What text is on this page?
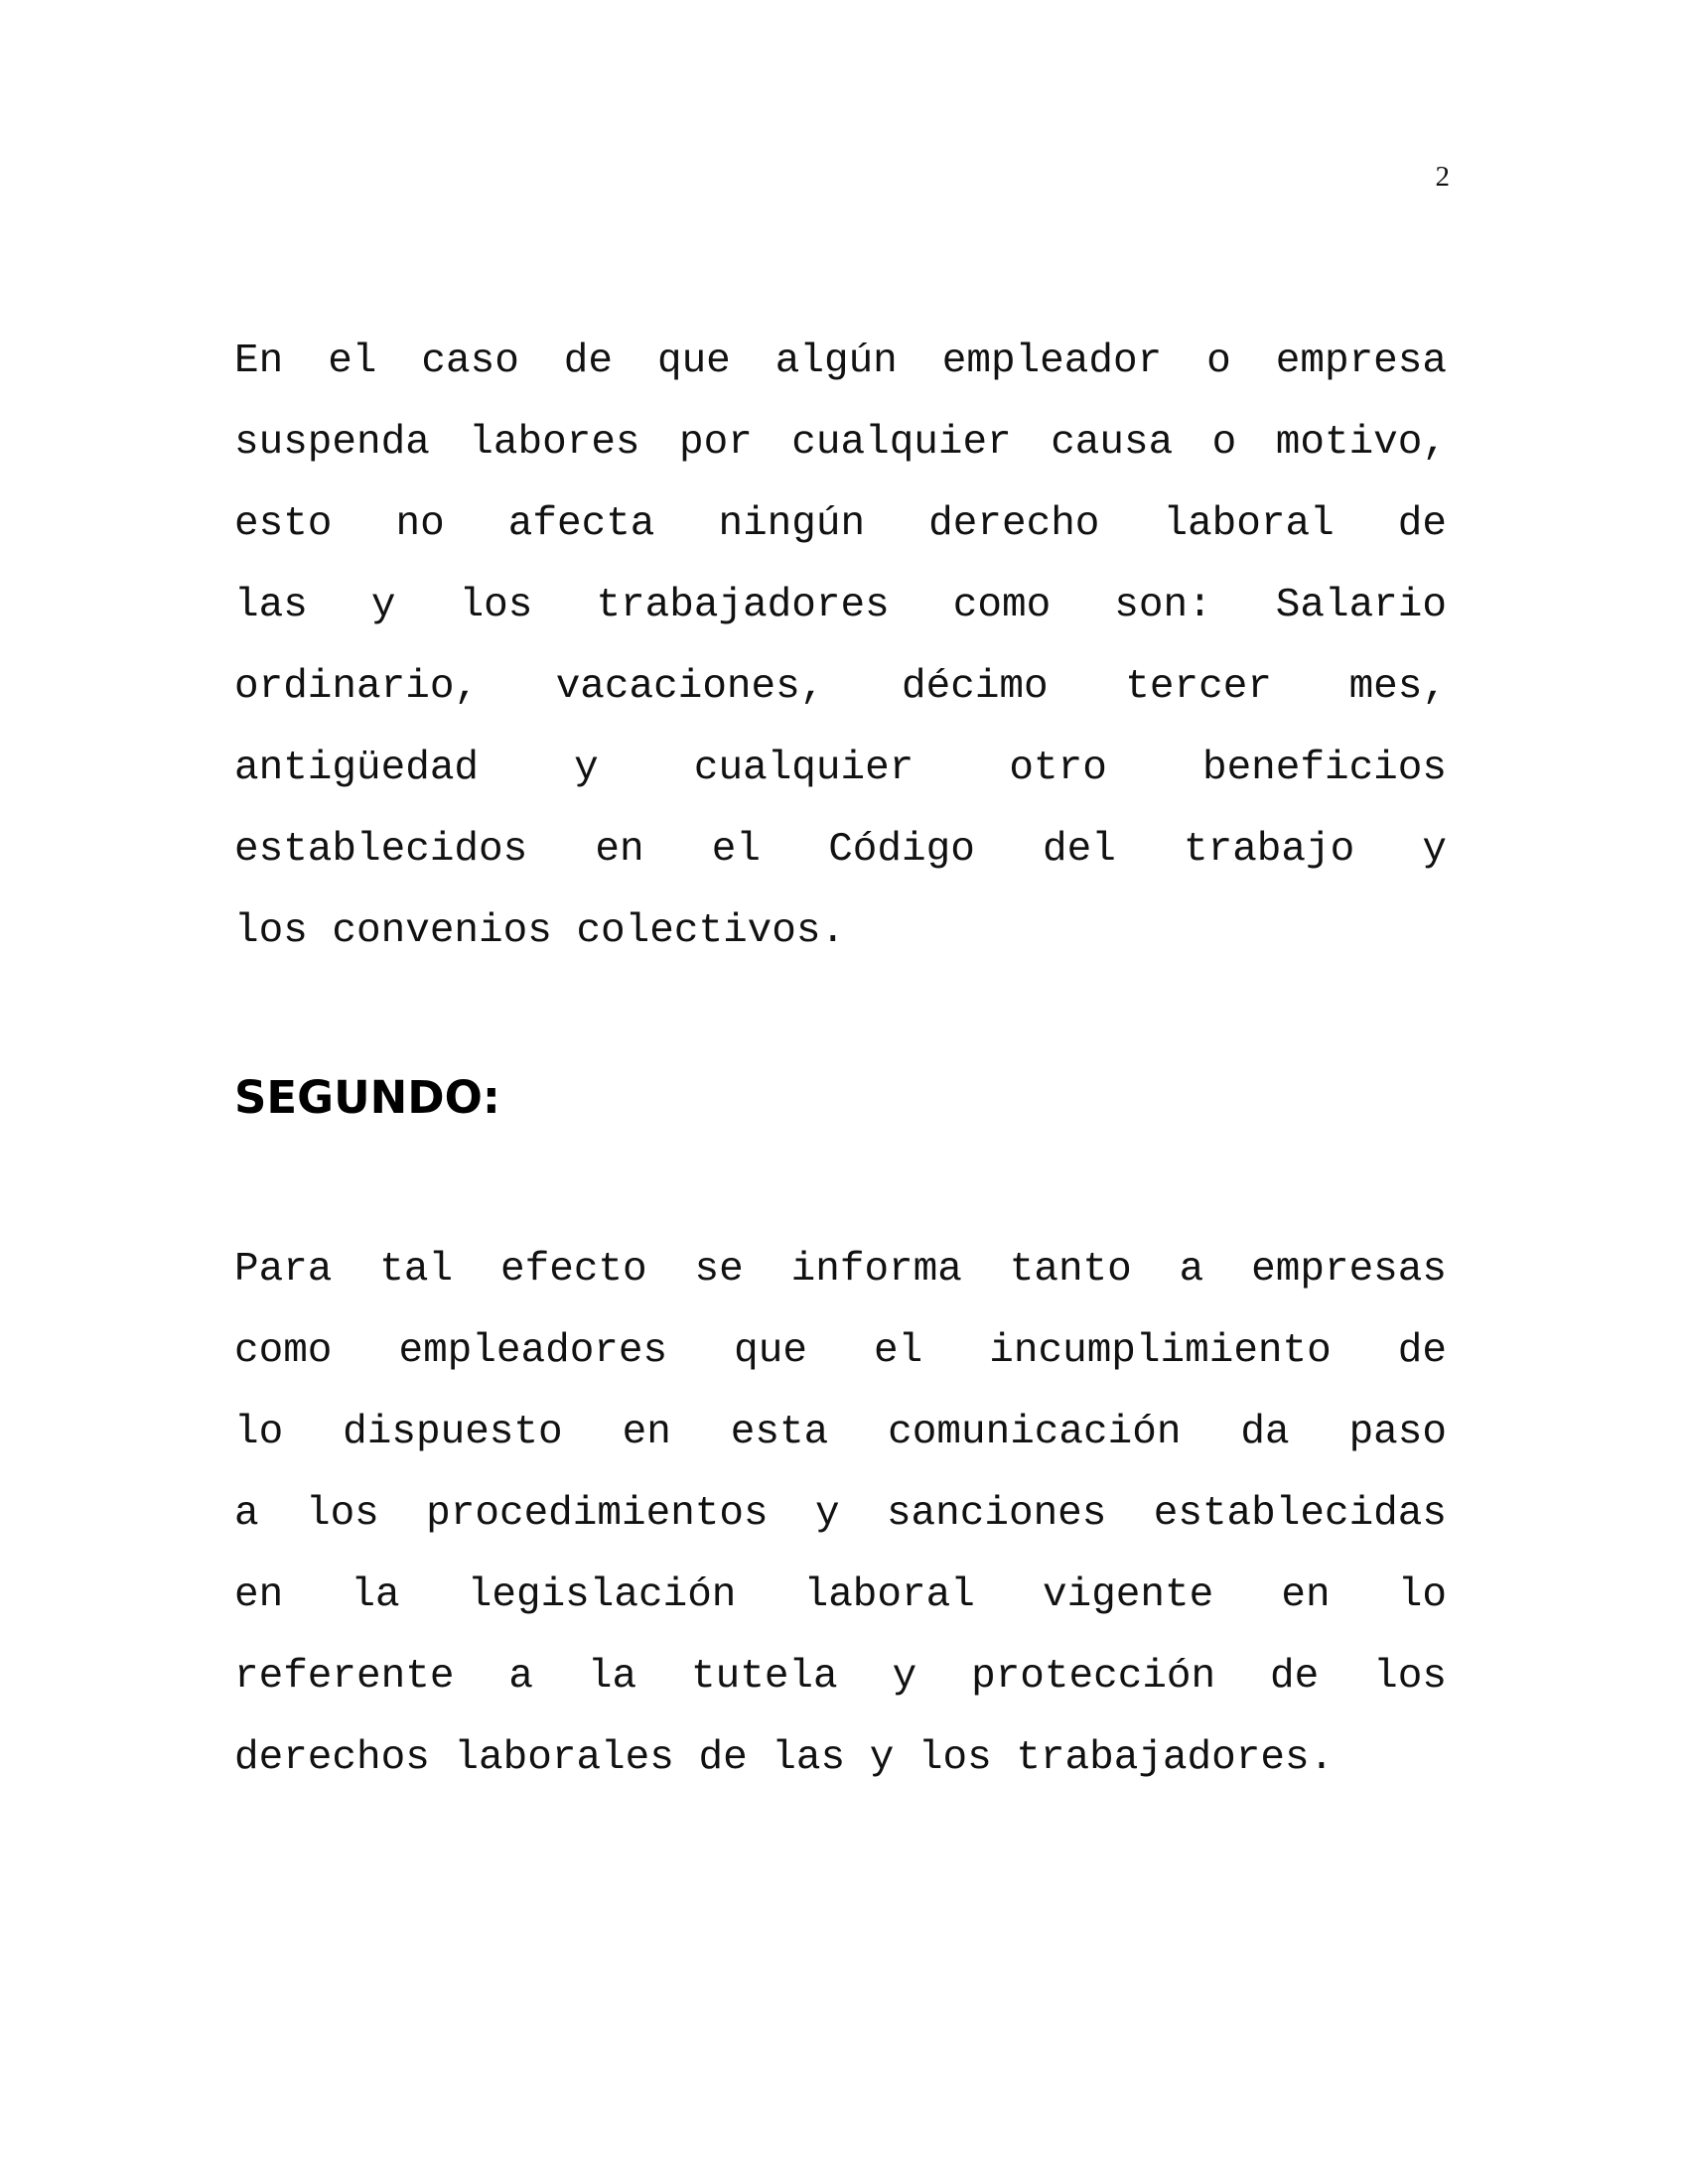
2
En el caso de que algún empleador o empresa
suspenda labores por cualquier causa o motivo,
esto no afecta ningún derecho laboral de
las y los trabajadores como son: Salario
ordinario, vacaciones, décimo tercer mes,
antigüedad y cualquier otro beneficios
establecidos en el Código del trabajo y
los convenios colectivos.
SEGUNDO:
Para tal efecto se informa tanto a empresas
como empleadores que el incumplimiento de
lo dispuesto en esta comunicación da paso
a los procedimientos y sanciones establecidas
en la legislación laboral vigente en lo
referente a la tutela y protección de los
derechos laborales de las y los trabajadores.
